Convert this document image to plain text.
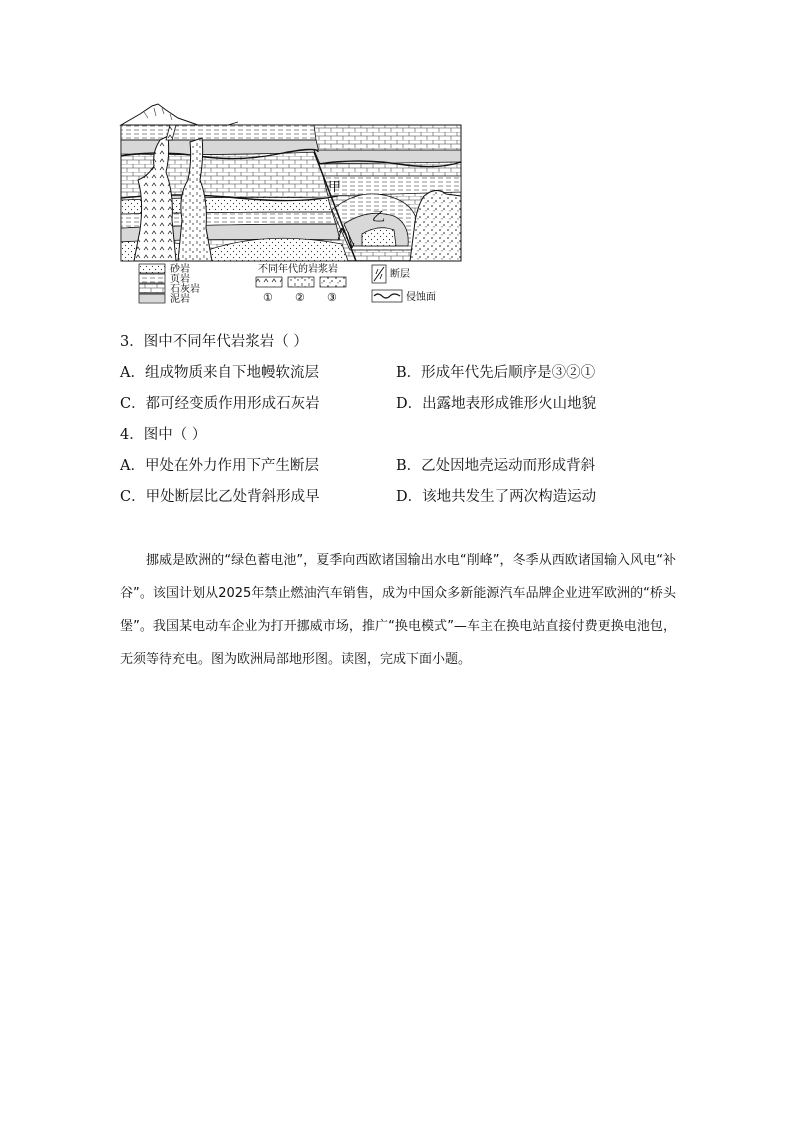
甲
乙
砂岩
页岩
石灰岩
泥岩
不同年代的岩浆岩
① ② ③
断层
侵蚀面
3．图中不同年代岩浆岩（ ）
A．组成物质来自下地幔软流层	B．形成年代先后顺序是③②①
C．都可经变质作用形成石灰岩	D．出露地表形成锥形火山地貌
4．图中（ ）
A．甲处在外力作用下产生断层	B．乙处因地壳运动而形成背斜
C．甲处断层比乙处背斜形成早	D．该地共发生了两次构造运动
挪威是欧洲的“绿色蓄电池”，夏季向西欧诸国输出水电“削峰”，冬季从西欧诸国输入风电“补谷”。该国计划从2025年禁止燃油汽车销售，成为中国众多新能源汽车品牌企业进军欧洲的“桥头堡”。我国某电动车企业为打开挪威市场，推广“换电模式”—车主在换电站直接付费更换电池包，无须等待充电。图为欧洲局部地形图。读图，完成下面小题。
